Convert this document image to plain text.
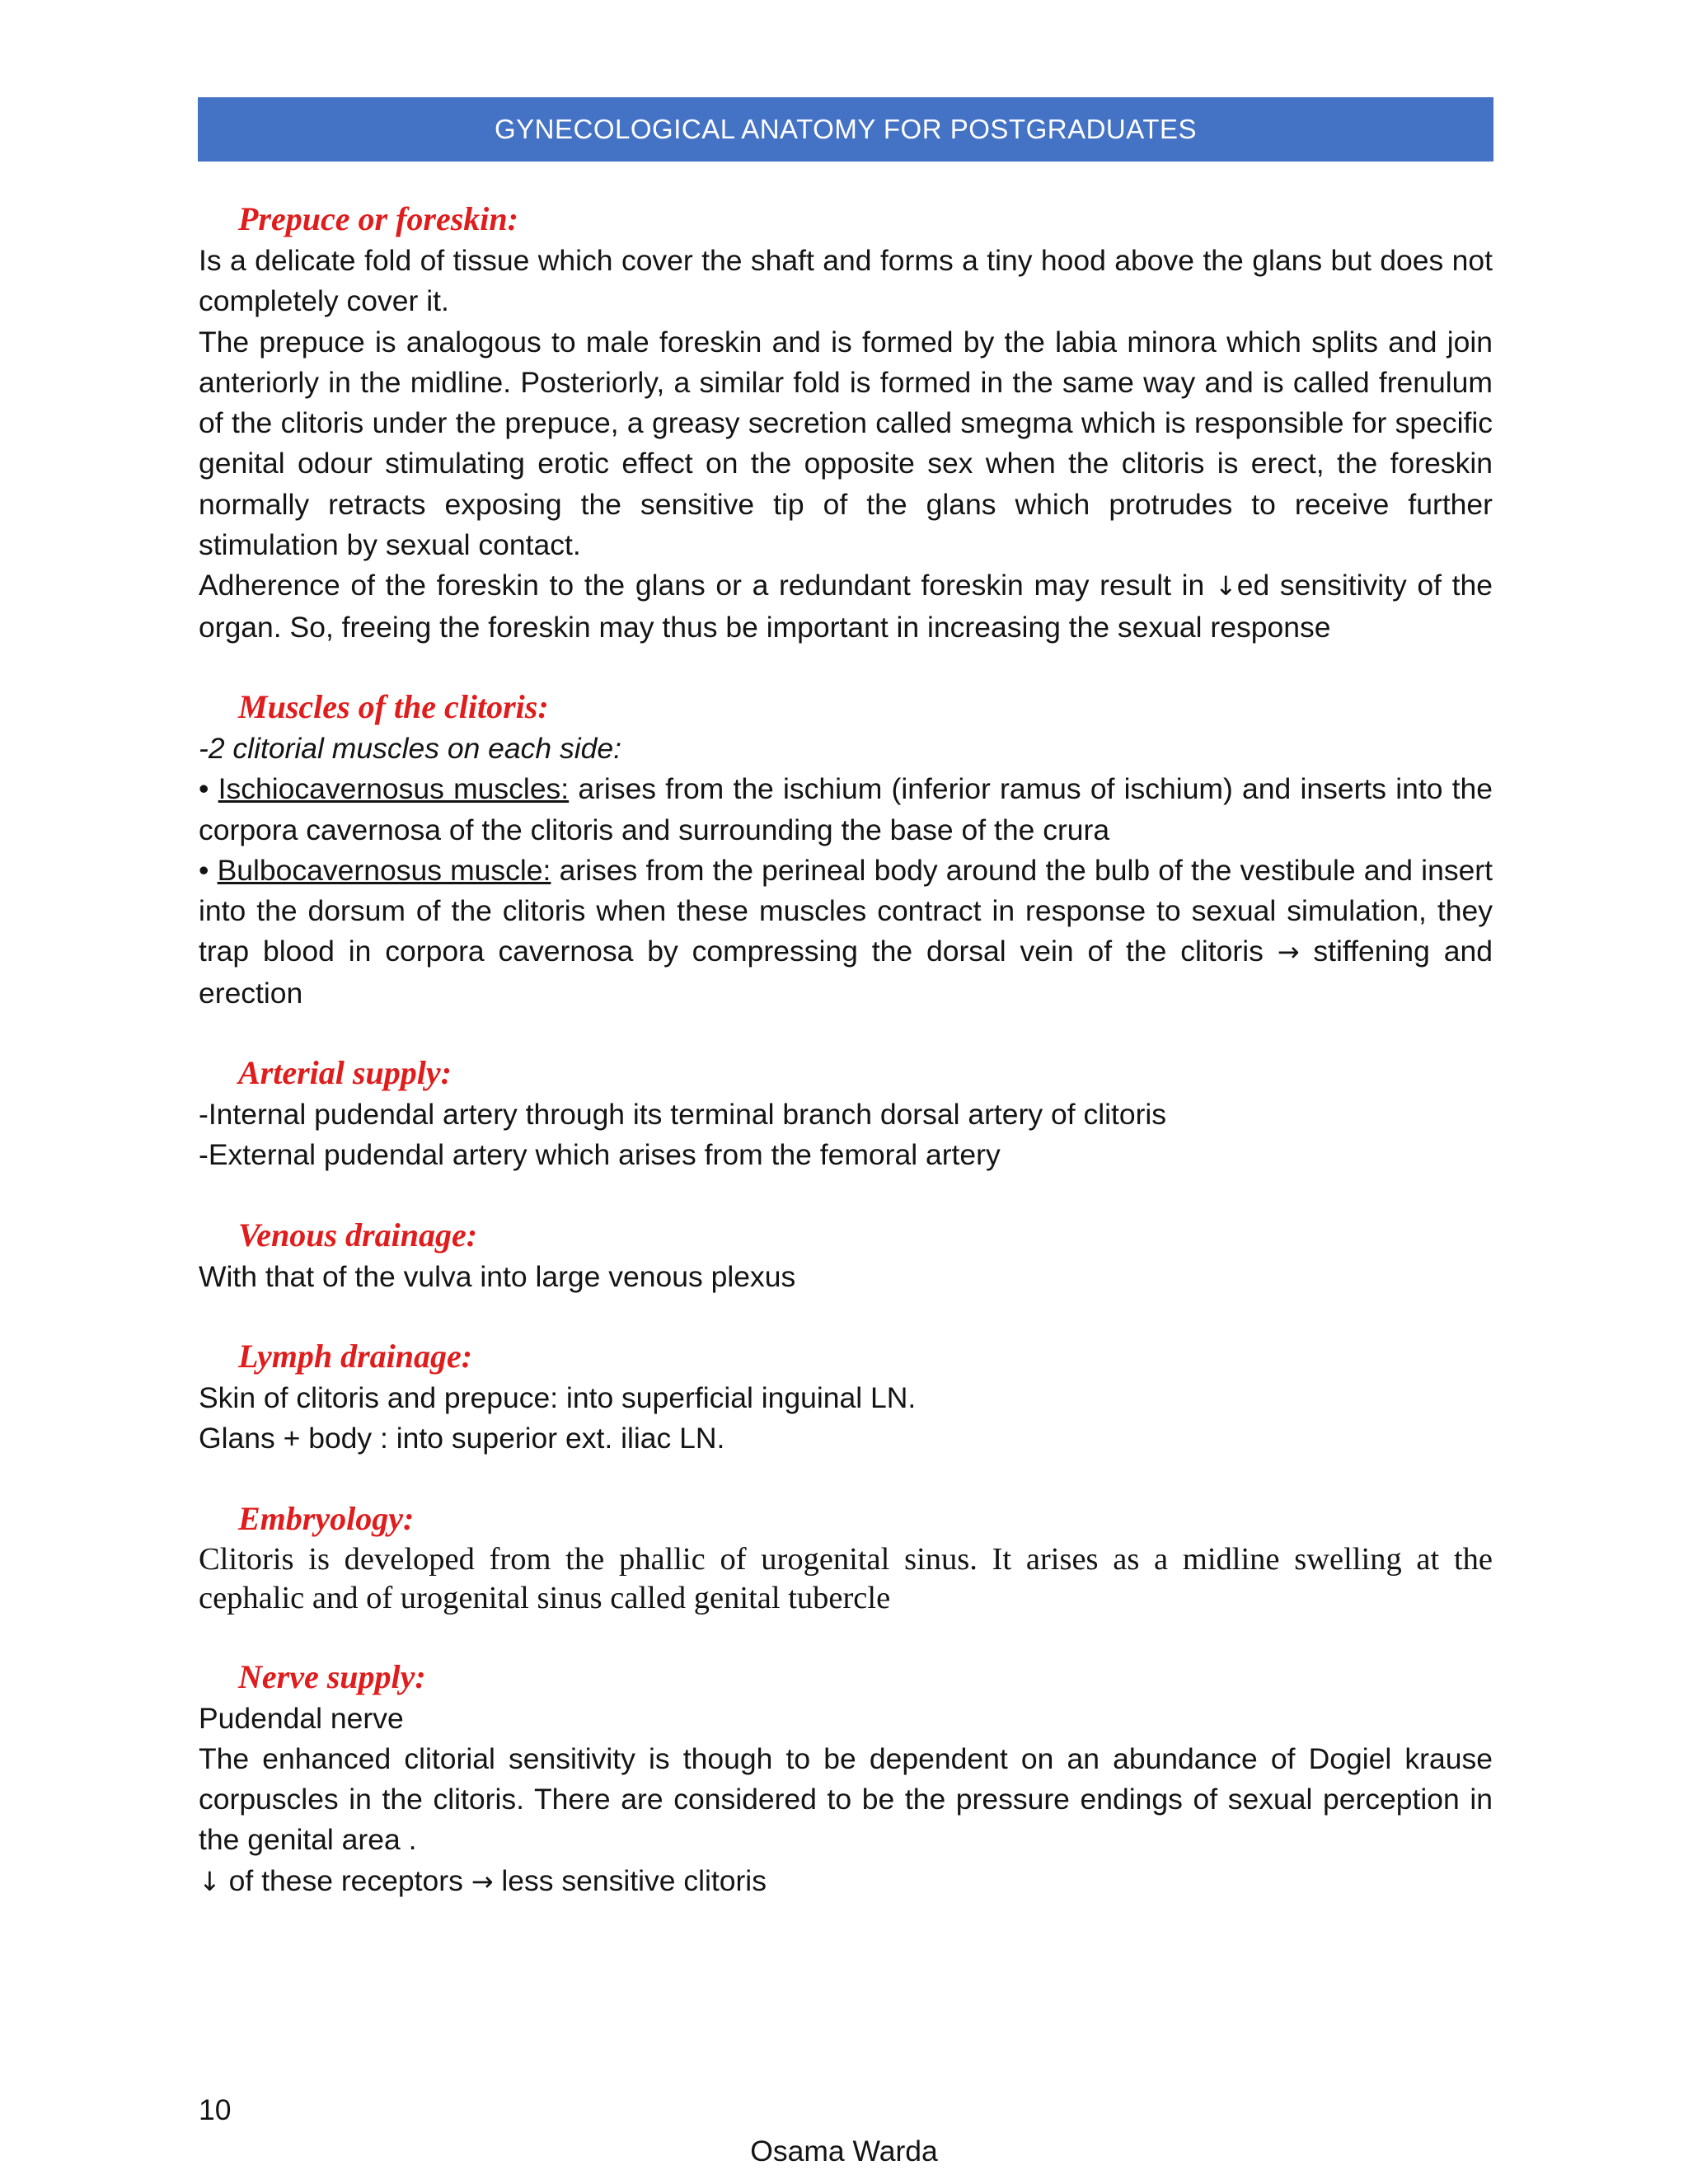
GYNECOLOGICAL ANATOMY FOR POSTGRADUATES
Prepuce or foreskin:

Is a delicate fold of tissue which cover the shaft and forms a tiny hood above the glans but does not completely cover it.

The prepuce is analogous to male foreskin and is formed by the labia minora which splits and join anteriorly in the midline. Posteriorly, a similar fold is formed in the same way and is called frenulum of the clitoris under the prepuce, a greasy secretion called smegma which is responsible for specific genital odour stimulating erotic effect on the opposite sex when the clitoris is erect, the foreskin normally retracts exposing the sensitive tip of the glans which protrudes to receive further stimulation by sexual contact.

Adherence of the foreskin to the glans or a redundant foreskin may result in ↓ed sensitivity of the organ. So, freeing the foreskin may thus be important in increasing the sexual response

Muscles of the clitoris:

-2 clitorial muscles on each side:

• Ischiocavernosus muscles: arises from the ischium (inferior ramus of ischium) and inserts into the corpora cavernosa of the clitoris and surrounding the base of the crura

• Bulbocavernosus muscle: arises from the perineal body around the bulb of the vestibule and insert into the dorsum of the clitoris when these muscles contract in response to sexual simulation, they trap blood in corpora cavernosa by compressing the dorsal vein of the clitoris → stiffening and erection

Arterial supply:

-Internal pudendal artery through its terminal branch dorsal artery of clitoris

-External pudendal artery which arises from the femoral artery

Venous drainage:

With that of the vulva into large venous plexus

Lymph drainage:

Skin of clitoris and prepuce: into superficial inguinal LN.

Glans + body : into superior ext. iliac LN.

Embryology:

Clitoris is developed from the phallic of urogenital sinus. It arises as a midline swelling at the cephalic and of urogenital sinus called genital tubercle

Nerve supply:

Pudendal nerve

The enhanced clitorial sensitivity is though to be dependent on an abundance of Dogiel krause corpuscles in the clitoris. There are considered to be the pressure endings of sexual perception in the genital area .

↓ of these receptors → less sensitive clitoris

10
Osama Warda
